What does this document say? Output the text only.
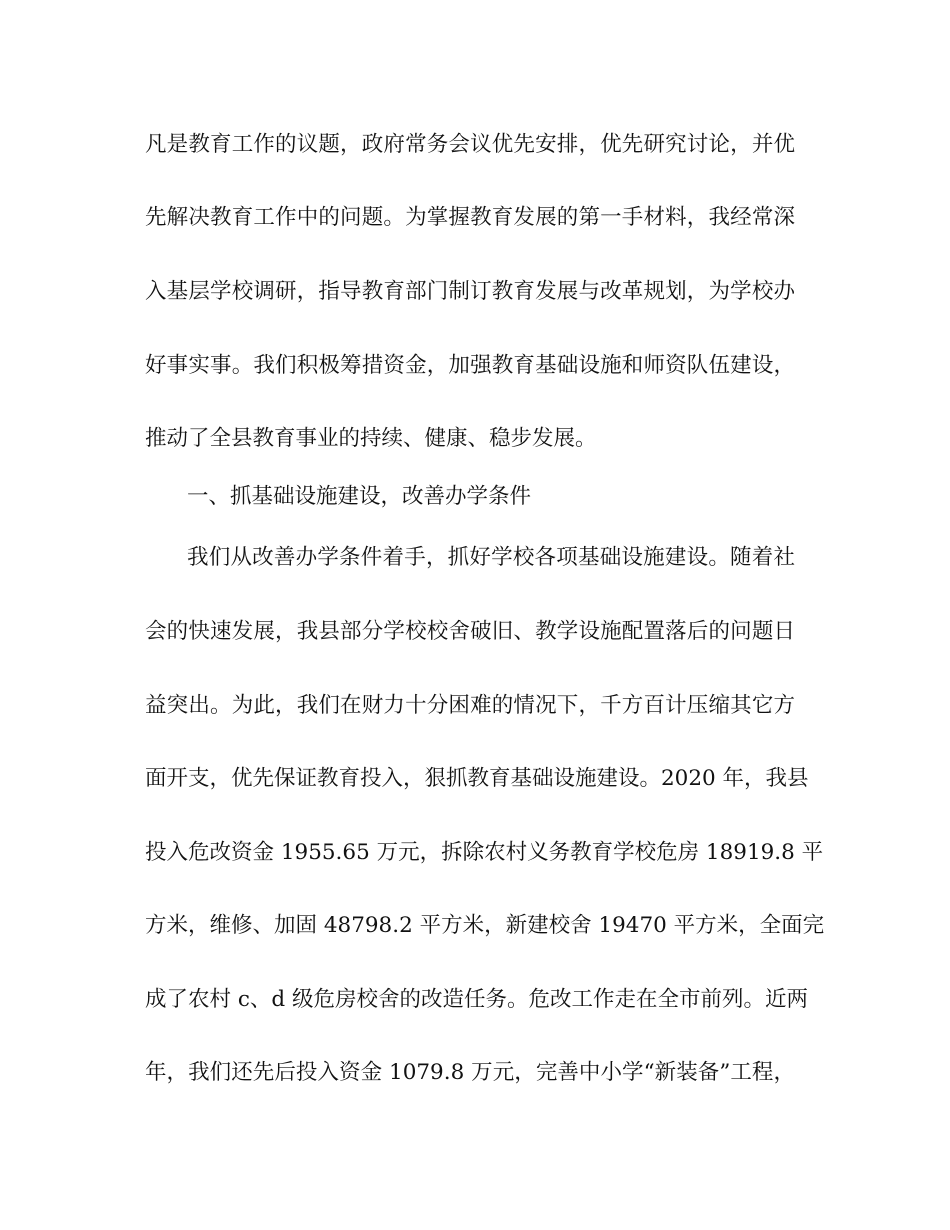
凡是教育工作的议题，政府常务会议优先安排，优先研究讨论，并优
先解决教育工作中的问题。为掌握教育发展的第一手材料，我经常深
入基层学校调研，指导教育部门制订教育发展与改革规划，为学校办
好事实事。我们积极筹措资金，加强教育基础设施和师资队伍建设，
推动了全县教育事业的持续、健康、稳步发展。
一、抓基础设施建设，改善办学条件
我们从改善办学条件着手，抓好学校各项基础设施建设。随着社
会的快速发展，我县部分学校校舍破旧、教学设施配置落后的问题日
益突出。为此，我们在财力十分困难的情况下，千方百计压缩其它方
面开支，优先保证教育投入，狠抓教育基础设施建设。2020 年，我县
投入危改资金 1955.65 万元，拆除农村义务教育学校危房 18919.8 平
方米，维修、加固 48798.2 平方米，新建校舍 19470 平方米，全面完
成了农村 c、d 级危房校舍的改造任务。危改工作走在全市前列。近两
年，我们还先后投入资金 1079.8 万元，完善中小学“新装备”工程，
